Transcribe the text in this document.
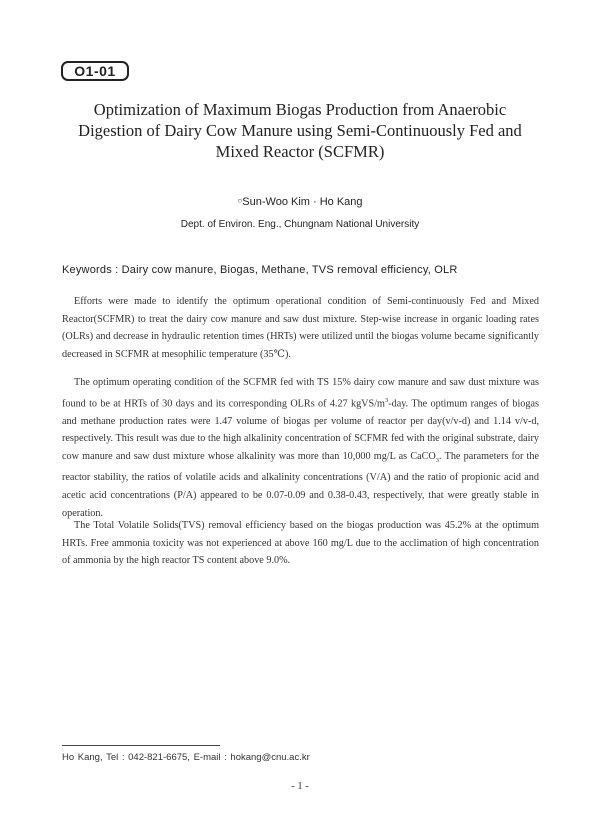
O1-01
Optimization of Maximum Biogas Production from Anaerobic Digestion of Dairy Cow Manure using Semi-Continuously Fed and Mixed Reactor (SCFMR)
○Sun-Woo Kim · Ho Kang
Dept. of Environ. Eng., Chungnam National University
Keywords : Dairy cow manure, Biogas, Methane, TVS removal efficiency, OLR

Efforts were made to identify the optimum operational condition of Semi-continuously Fed and Mixed Reactor(SCFMR) to treat the dairy cow manure and saw dust mixture. Step-wise increase in organic loading rates (OLRs) and decrease in hydraulic retention times (HRTs) were utilized until the biogas volume became significantly decreased in SCFMR at mesophilic temperature (35℃).

The optimum operating condition of the SCFMR fed with TS 15% dairy cow manure and saw dust mixture was found to be at HRTs of 30 days and its corresponding OLRs of 4.27 kgVS/$m^3$-day. The optimum ranges of biogas and methane production rates were 1.47 volume of biogas per volume of reactor per day(v/v-d) and 1.14 v/v-d, respectively. This result was due to the high alkalinity concentration of SCFMR fed with the original substrate, dairy cow manure and saw dust mixture whose alkalinity was more than 10,000 mg/L as CaCO$_3$. The parameters for the reactor stability, the ratios of volatile acids and alkalinity concentrations (V/A) and the ratio of propionic acid and acetic acid concentrations (P/A) appeared to be 0.07-0.09 and 0.38-0.43, respectively, that were greatly stable in operation.

The Total Volatile Solids(TVS) removal efficiency based on the biogas production was 45.2% at the optimum HRTs. Free ammonia toxicity was not experienced at above 160 mg/L due to the acclimation of high concentration of ammonia by the high reactor TS content above 9.0%.

Ho Kang, Tel : 042-821-6675, E-mail : hokang@cnu.ac.kr
- 1 -
